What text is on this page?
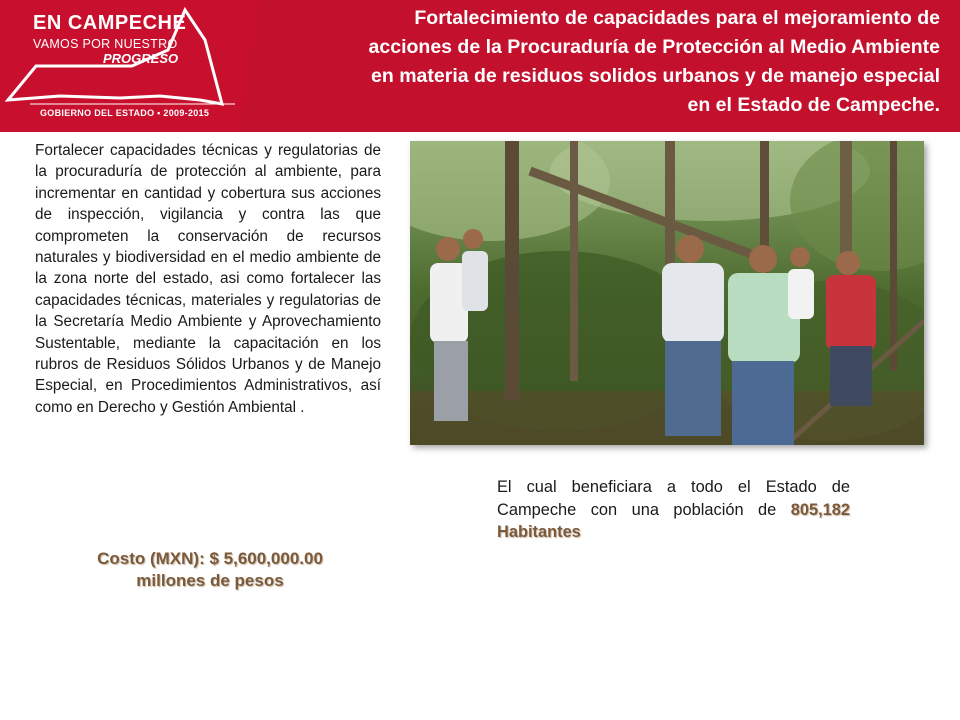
EN CAMPECHE
VAMOS POR NUESTRO
PROGRESO
GOBIERNO DEL ESTADO • 2009-2015
Fortalecimiento de capacidades para el mejoramiento de
acciones de la Procuraduría de Protección al Medio Ambiente
en materia de residuos solidos urbanos y de manejo especial
en el Estado de Campeche.
Fortalecer capacidades técnicas y regulatorias de la procuraduría de protección al ambiente, para incrementar en cantidad y cobertura sus acciones de inspección, vigilancia y contra las que comprometen la conservación de recursos naturales y biodiversidad en el medio ambiente de la zona norte del estado, asi como fortalecer las capacidades técnicas, materiales y regulatorias de la Secretaría Medio Ambiente y Aprovechamiento Sustentable, mediante la capacitación en los rubros de Residuos Sólidos Urbanos y de Manejo Especial, en Procedimientos Administrativos, así como en Derecho y Gestión Ambiental .
Costo (MXN): $ 5,600,000.00
millones de pesos
El cual beneficiara a todo el Estado de Campeche con una población de 805,182 Habitantes
